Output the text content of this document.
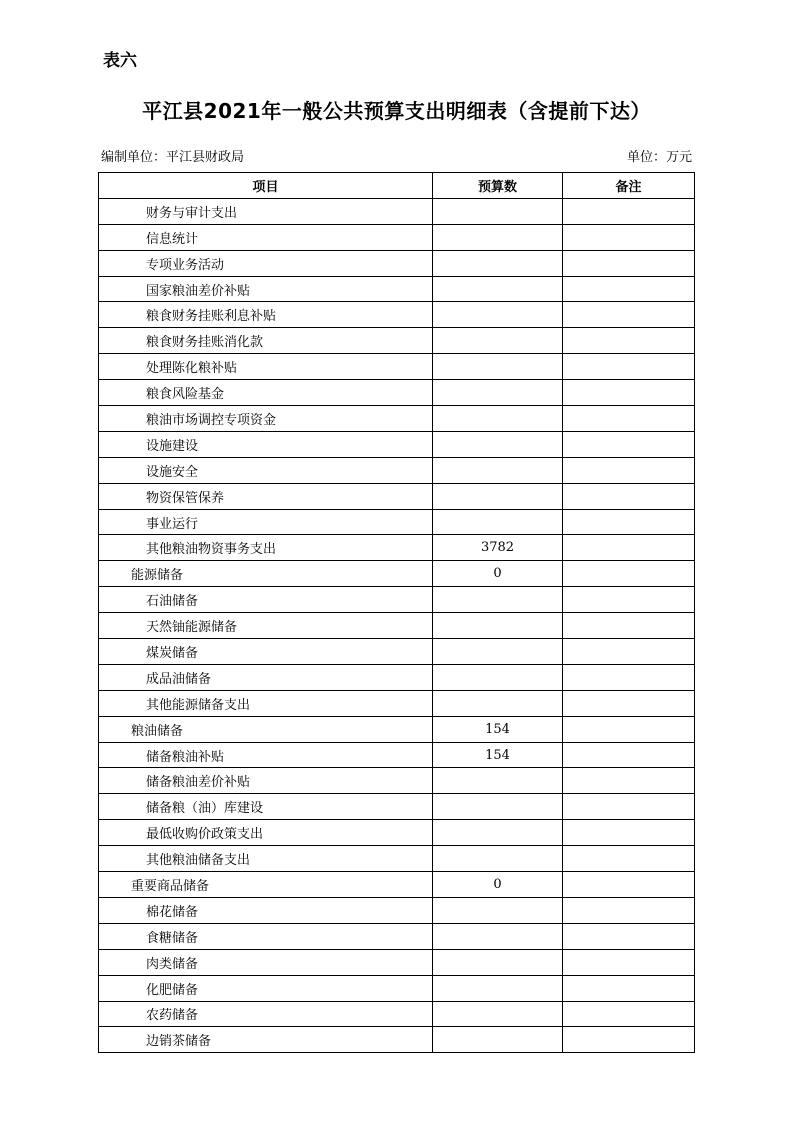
表六
平江县2021年一般公共预算支出明细表（含提前下达）
编制单位：平江县财政局	单位：万元
项目	预算数	备注
财务与审计支出		
信息统计		
专项业务活动		
国家粮油差价补贴		
粮食财务挂账利息补贴		
粮食财务挂账消化款		
处理陈化粮补贴		
粮食风险基金		
粮油市场调控专项资金		
设施建设		
设施安全		
物资保管保养		
事业运行		
其他粮油物资事务支出	3782	
能源储备	0	
石油储备		
天然铀能源储备		
煤炭储备		
成品油储备		
其他能源储备支出		
粮油储备	154	
储备粮油补贴	154	
储备粮油差价补贴		
储备粮（油）库建设		
最低收购价政策支出		
其他粮油储备支出		
重要商品储备	0	
棉花储备		
食糖储备		
肉类储备		
化肥储备		
农药储备		
边销茶储备		
